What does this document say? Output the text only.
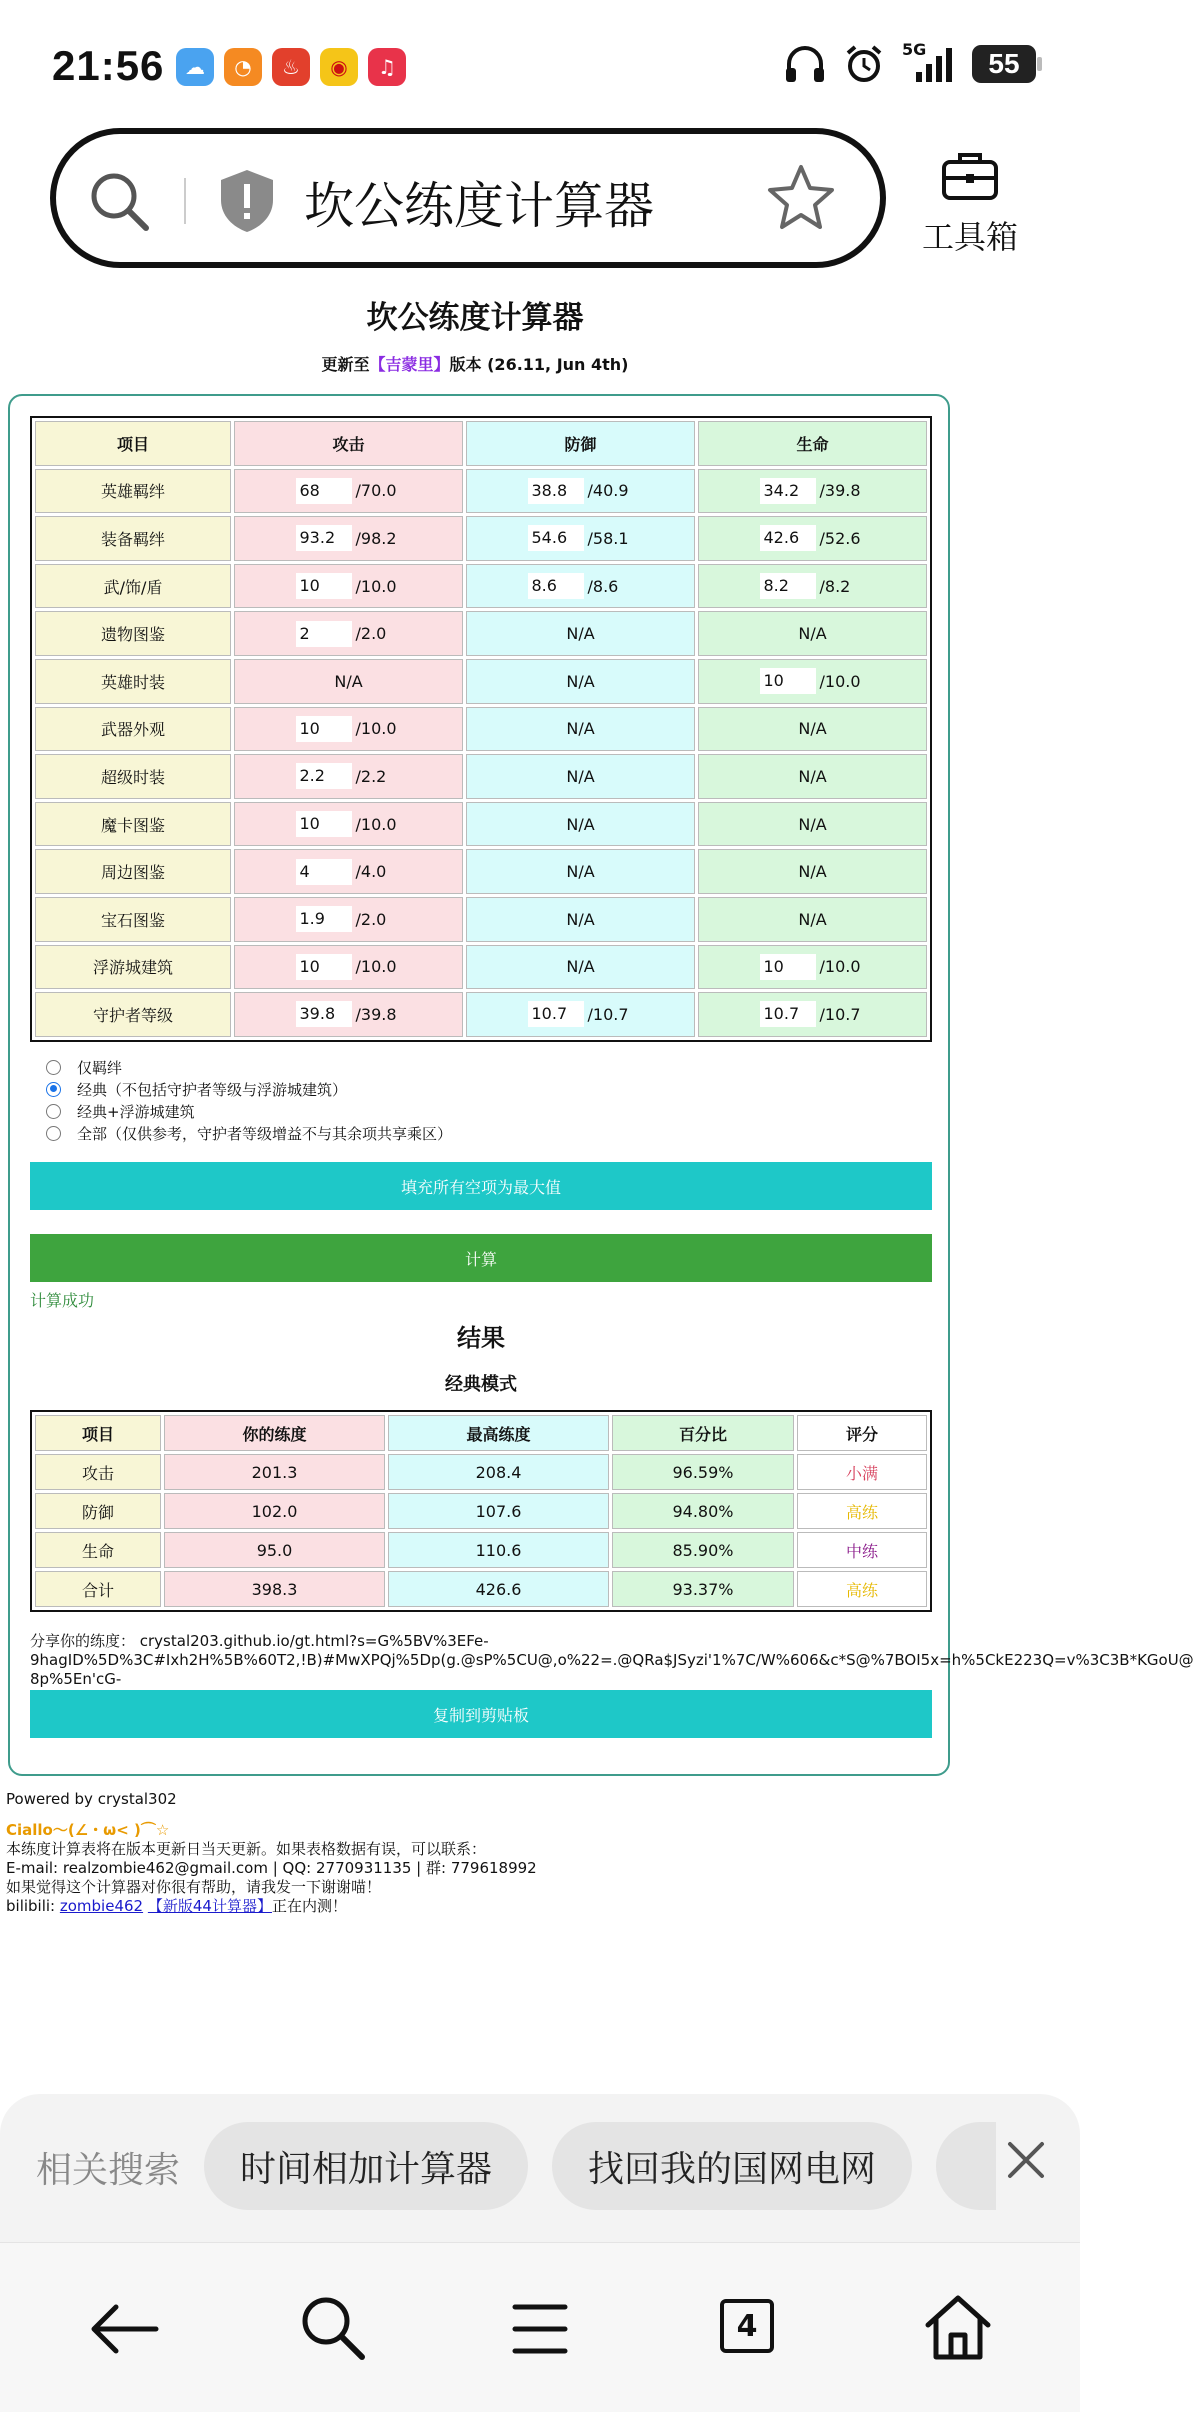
21:56	☁	◔	♨	◉	♫
5G	55
坎公练度计算器
工具箱
坎公练度计算器
更新至【吉蒙里】版本 (26.11, Jun 4th)
项目	攻击	防御	生命
英雄羁绊	68 /70.0	38.8 /40.9	34.2 /39.8

装备羁绊	93.2 /98.2	54.6 /58.1	42.6 /52.6

武/饰/盾	10 /10.0	8.6 /8.6	8.2 /8.2

遗物图鉴	2 /2.0	N/A	N/A
英雄时装	N/A	N/A	10 /10.0

武器外观	10 /10.0	N/A	N/A
超级时装	2.2 /2.2	N/A	N/A
魔卡图鉴	10 /10.0	N/A	N/A
周边图鉴	4 /4.0	N/A	N/A
宝石图鉴	1.9 /2.0	N/A	N/A
浮游城建筑	10 /10.0	N/A	10 /10.0

守护者等级	39.8 /39.8	10.7 /10.7	10.7 /10.7
仅羁绊
经典（不包括守护者等级与浮游城建筑）
经典+浮游城建筑
全部（仅供参考，守护者等级增益不与其余项共享乘区）
填充所有空项为最大值
计算
计算成功
结果
经典模式
项目	你的练度	最高练度	百分比	评分
攻击	201.3	208.4	96.59%	小满
防御	102.0	107.6	94.80%	高练
生命	95.0	110.6	85.90%	中练
合计	398.3	426.6	93.37%	高练
分享你的练度： crystal203.github.io/gt.html?s=G%5BV%3EFe-
9hagID%5D%3C#Ixh2H%5B%60T2,!B)#MwXPQj%5Dp(g.@sP%5CU@,o%22=.@QRa$JSyzi'1%7C/W%606&c*S@%7BOI5x=h%5CkE223Q=v%3C3B*KGoU@
8p%5En'cG-
复制到剪贴板
Powered by crystal302
Ciallo～(∠・ω< )⌒☆
本练度计算表将在版本更新日当天更新。如果表格数据有误，可以联系：
E-mail: realzombie462@gmail.com | QQ: 2770931135 | 群: 779618992
如果觉得这个计算器对你很有帮助，请我发一下谢谢喵！
bilibili: zombie462 【新版44计算器】正在内测！
相关搜索	时间相加计算器	找回我的国网电网
4
